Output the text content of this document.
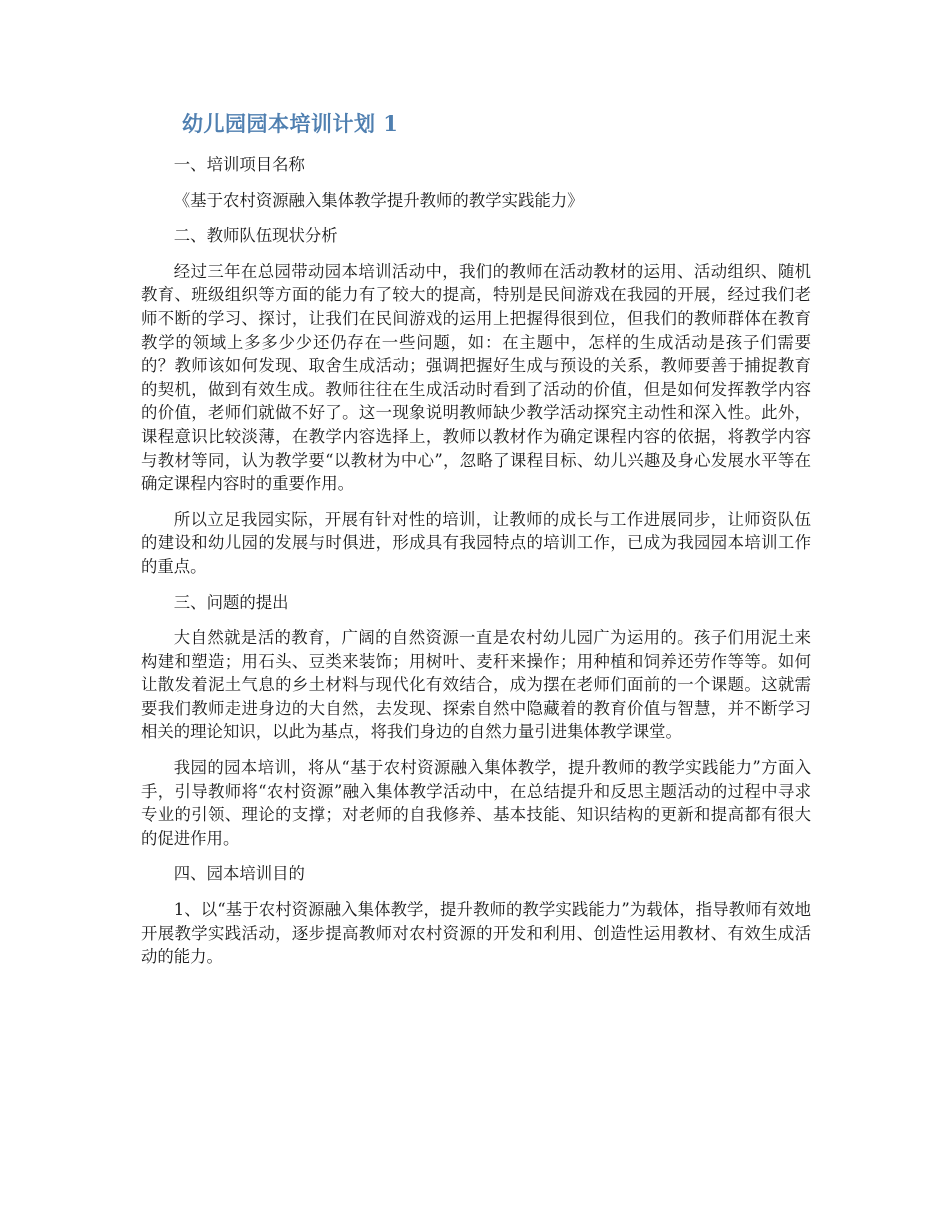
幼儿园园本培训计划 1

一、培训项目名称

《基于农村资源融入集体教学提升教师的教学实践能力》

二、教师队伍现状分析

经过三年在总园带动园本培训活动中，我们的教师在活动教材的运用、活动组织、随机教育、班级组织等方面的能力有了较大的提高，特别是民间游戏在我园的开展，经过我们老师不断的学习、探讨，让我们在民间游戏的运用上把握得很到位，但我们的教师群体在教育教学的领域上多多少少还仍存在一些问题，如：在主题中，怎样的生成活动是孩子们需要的？教师该如何发现、取舍生成活动；强调把握好生成与预设的关系，教师要善于捕捉教育的契机，做到有效生成。教师往往在生成活动时看到了活动的价值，但是如何发挥教学内容的价值，老师们就做不好了。这一现象说明教师缺少教学活动探究主动性和深入性。此外，课程意识比较淡薄，在教学内容选择上，教师以教材作为确定课程内容的依据，将教学内容与教材等同，认为教学要“以教材为中心”，忽略了课程目标、幼儿兴趣及身心发展水平等在确定课程内容时的重要作用。

所以立足我园实际，开展有针对性的培训，让教师的成长与工作进展同步，让师资队伍的建设和幼儿园的发展与时俱进，形成具有我园特点的培训工作，已成为我园园本培训工作的重点。

三、问题的提出

大自然就是活的教育，广阔的自然资源一直是农村幼儿园广为运用的。孩子们用泥土来构建和塑造；用石头、豆类来装饰；用树叶、麦秆来操作；用种植和饲养还劳作等等。如何让散发着泥土气息的乡土材料与现代化有效结合，成为摆在老师们面前的一个课题。这就需要我们教师走进身边的大自然，去发现、探索自然中隐藏着的教育价值与智慧，并不断学习相关的理论知识，以此为基点，将我们身边的自然力量引进集体教学课堂。

我园的园本培训，将从“基于农村资源融入集体教学，提升教师的教学实践能力”方面入手，引导教师将“农村资源”融入集体教学活动中，在总结提升和反思主题活动的过程中寻求专业的引领、理论的支撑；对老师的自我修养、基本技能、知识结构的更新和提高都有很大的促进作用。

四、园本培训目的

1、以“基于农村资源融入集体教学，提升教师的教学实践能力”为载体，指导教师有效地开展教学实践活动，逐步提高教师对农村资源的开发和利用、创造性运用教材、有效生成活动的能力。
